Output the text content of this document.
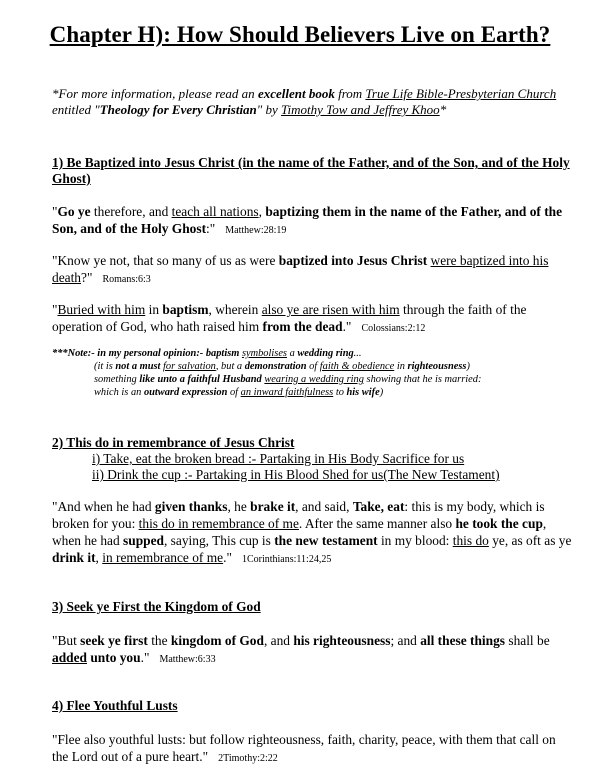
Chapter H): How Should Believers Live on Earth?
*For more information, please read an excellent book from True Life Bible-Presbyterian Church entitled "Theology for Every Christian" by Timothy Tow and Jeffrey Khoo*
1) Be Baptized into Jesus Christ (in the name of the Father, and of the Son, and of the Holy Ghost)
"Go ye therefore, and teach all nations, baptizing them in the name of the Father, and of the Son, and of the Holy Ghost:" Matthew:28:19
"Know ye not, that so many of us as were baptized into Jesus Christ were baptized into his death?" Romans:6:3
"Buried with him in baptism, wherein also ye are risen with him through the faith of the operation of God, who hath raised him from the dead." Colossians:2:12
***Note:- in my personal opinion:- baptism symbolises a wedding ring...
(it is not a must for salvation, but a demonstration of faith & obedience in righteousness)
something like unto a faithful Husband wearing a wedding ring showing that he is married:
which is an outward expression of an inward faithfulness to his wife)
2) This do in remembrance of Jesus Christ
i) Take, eat the broken bread :- Partaking in His Body Sacrifice for us
ii) Drink the cup :- Partaking in His Blood Shed for us(The New Testament)
"And when he had given thanks, he brake it, and said, Take, eat: this is my body, which is broken for you: this do in remembrance of me. After the same manner also he took the cup, when he had supped, saying, This cup is the new testament in my blood: this do ye, as oft as ye drink it, in remembrance of me." 1Corinthians:11:24,25
3) Seek ye First the Kingdom of God
"But seek ye first the kingdom of God, and his righteousness; and all these things shall be added unto you." Matthew:6:33
4) Flee Youthful Lusts
"Flee also youthful lusts: but follow righteousness, faith, charity, peace, with them that call on the Lord out of a pure heart." 2Timothy:2:22
